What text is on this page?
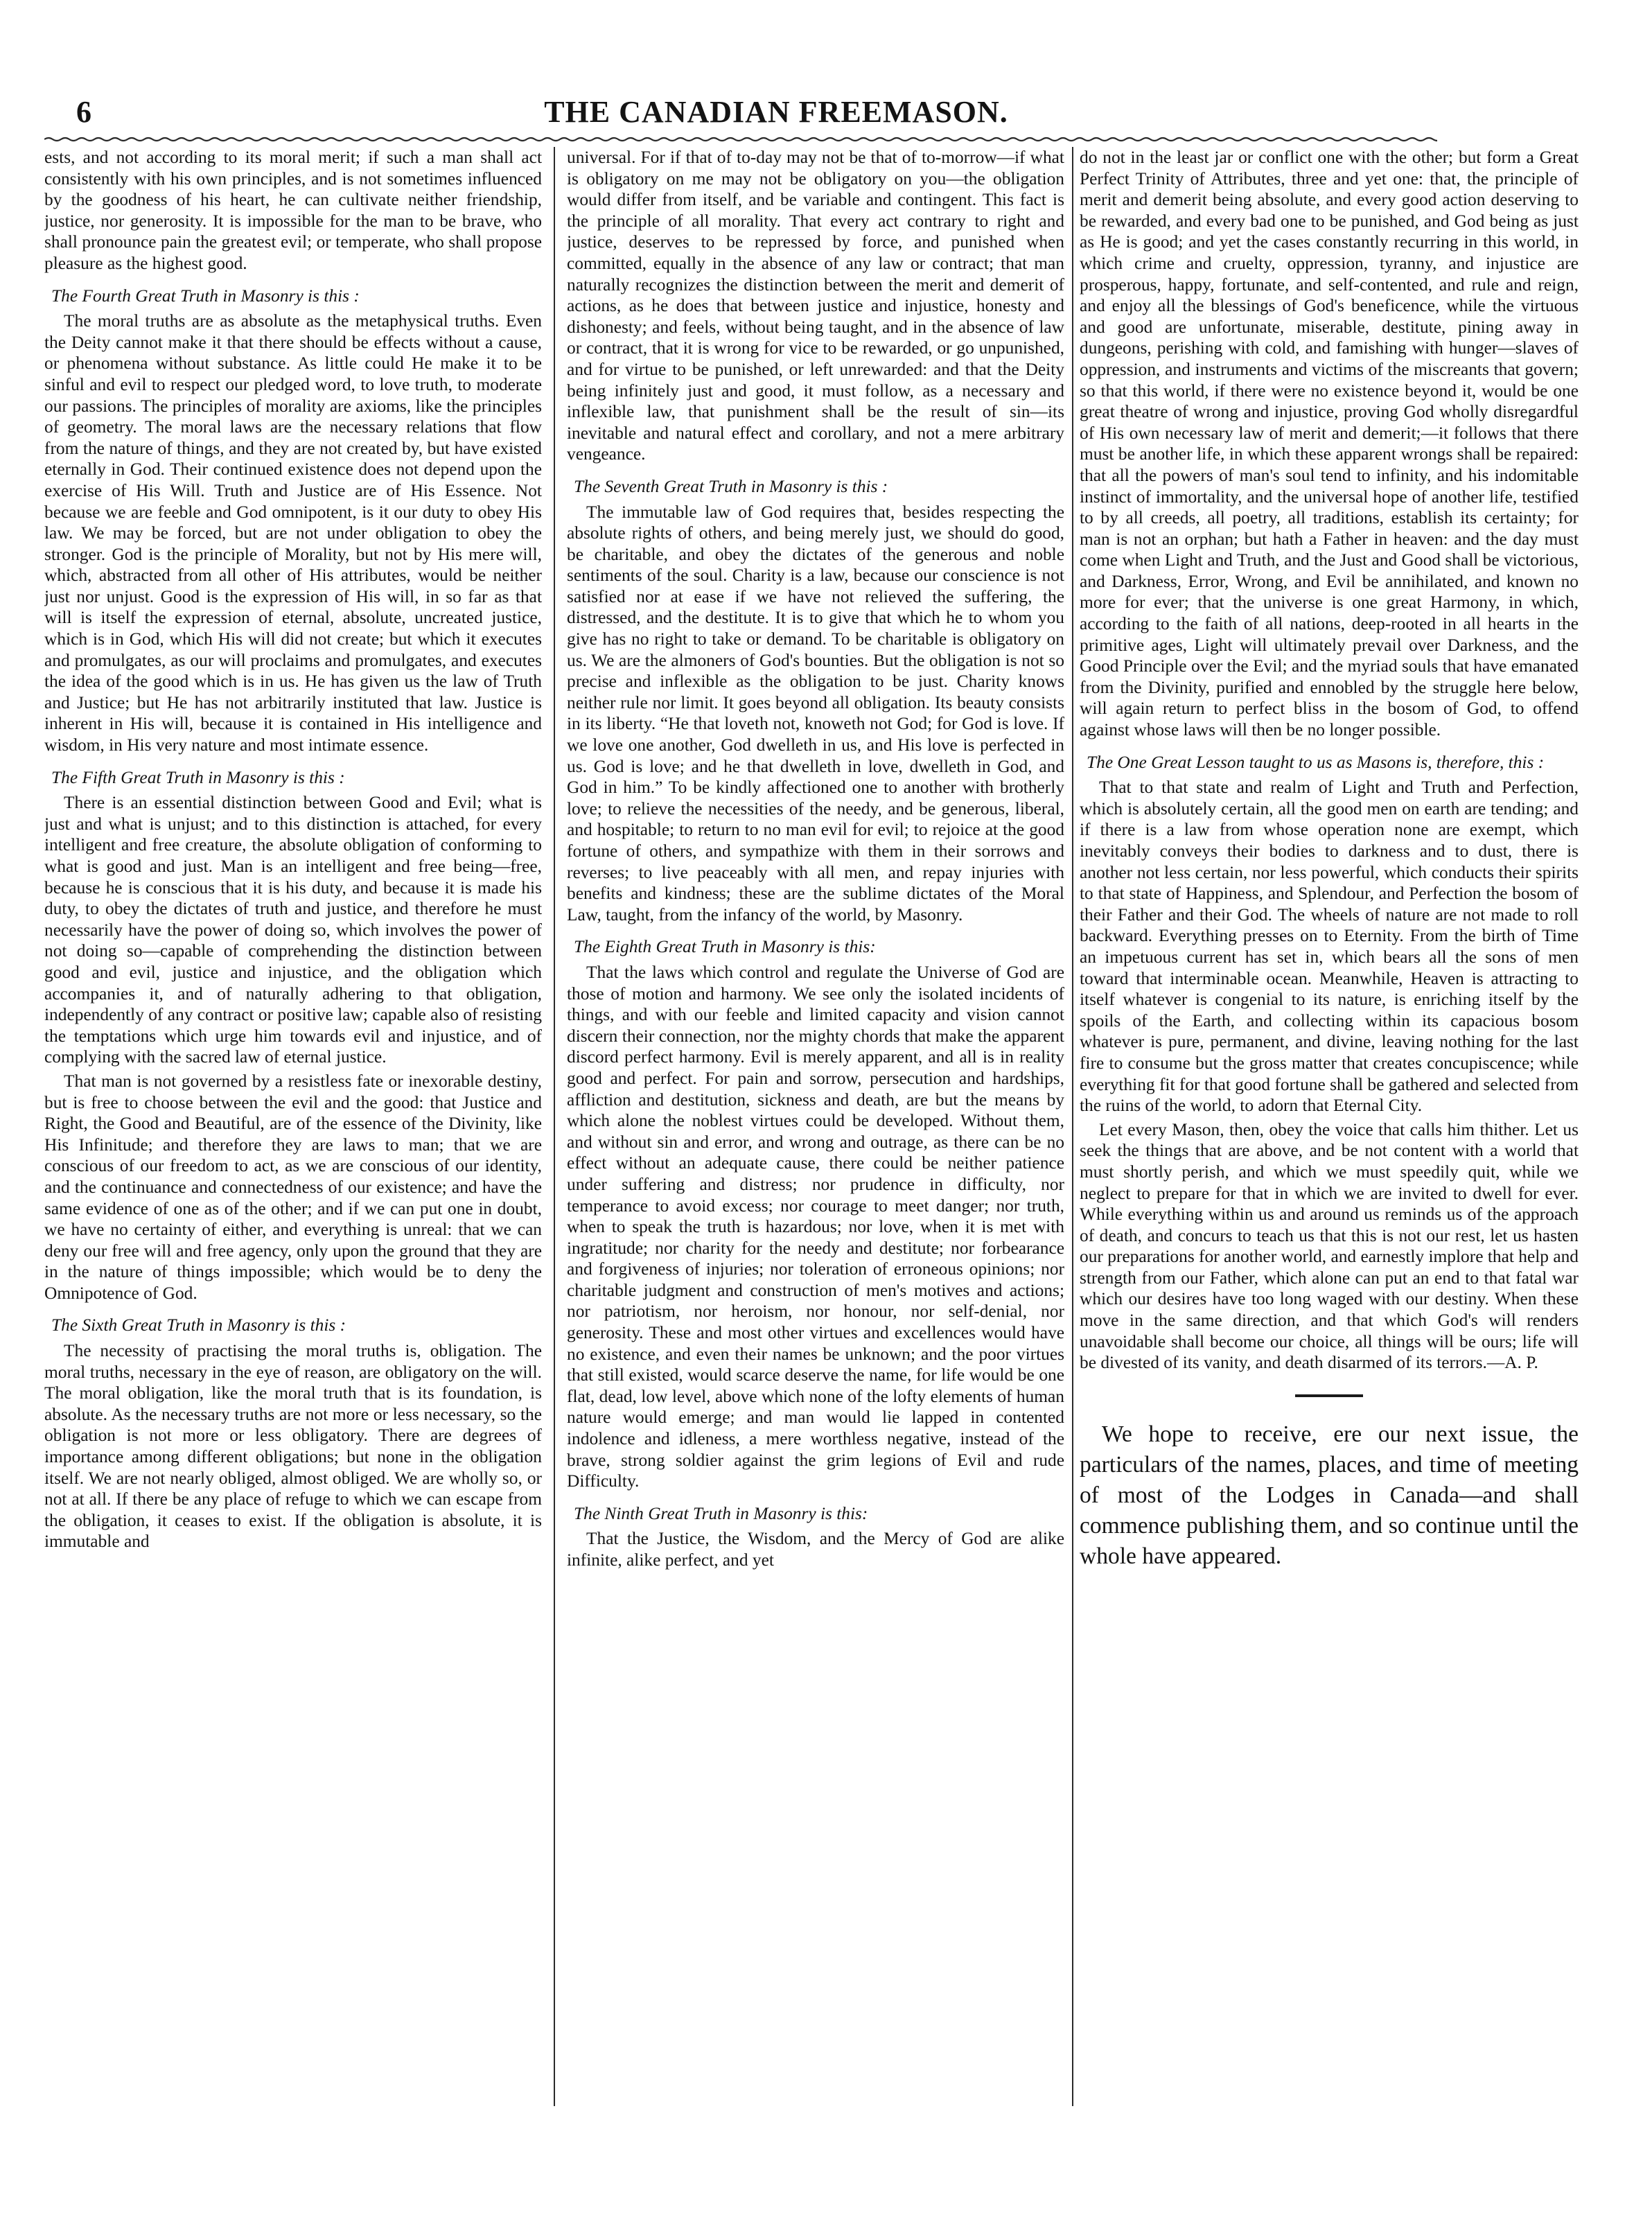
6	THE CANADIAN FREEMASON.

ests, and not according to its moral merit; if such a man shall act consistently with his own principles, and is not sometimes influenced by the goodness of his heart, he can cultivate neither friendship, justice, nor generosity. It is impossible for the man to be brave, who shall pronounce pain the greatest evil; or temperate, who shall propose pleasure as the highest good.

The Fourth Great Truth in Masonry is this :

The moral truths are as absolute as the metaphysical truths. Even the Deity cannot make it that there should be effects without a cause, or phenomena without substance. As little could He make it to be sinful and evil to respect our pledged word, to love truth, to moderate our passions. The principles of morality are axioms, like the principles of geometry. The moral laws are the necessary relations that flow from the nature of things, and they are not created by, but have existed eternally in God. Their continued existence does not depend upon the exercise of His Will. Truth and Justice are of His Essence. Not because we are feeble and God omnipotent, is it our duty to obey His law. We may be forced, but are not under obligation to obey the stronger. God is the principle of Morality, but not by His mere will, which, abstracted from all other of His attributes, would be neither just nor unjust. Good is the expression of His will, in so far as that will is itself the expression of eternal, absolute, uncreated justice, which is in God, which His will did not create; but which it executes and promulgates, as our will proclaims and promulgates, and executes the idea of the good which is in us. He has given us the law of Truth and Justice; but He has not arbitrarily instituted that law. Justice is inherent in His will, because it is contained in His intelligence and wisdom, in His very nature and most intimate essence.

The Fifth Great Truth in Masonry is this :

There is an essential distinction between Good and Evil; what is just and what is unjust; and to this distinction is attached, for every intelligent and free creature, the absolute obligation of conforming to what is good and just. Man is an intelligent and free being—free, because he is conscious that it is his duty, and because it is made his duty, to obey the dictates of truth and justice, and therefore he must necessarily have the power of doing so, which involves the power of not doing so—capable of comprehending the distinction between good and evil, justice and injustice, and the obligation which accompanies it, and of naturally adhering to that obligation, independently of any contract or positive law; capable also of resisting the temptations which urge him towards evil and injustice, and of complying with the sacred law of eternal justice.

That man is not governed by a resistless fate or inexorable destiny, but is free to choose between the evil and the good: that Justice and Right, the Good and Beautiful, are of the essence of the Divinity, like His Infinitude; and therefore they are laws to man; that we are conscious of our freedom to act, as we are conscious of our identity, and the continuance and connectedness of our existence; and have the same evidence of one as of the other; and if we can put one in doubt, we have no certainty of either, and everything is unreal: that we can deny our free will and free agency, only upon the ground that they are in the nature of things impossible; which would be to deny the Omnipotence of God.

The Sixth Great Truth in Masonry is this :

The necessity of practising the moral truths is, obligation. The moral truths, necessary in the eye of reason, are obligatory on the will. The moral obligation, like the moral truth that is its foundation, is absolute. As the necessary truths are not more or less necessary, so the obligation is not more or less obligatory. There are degrees of importance among different obligations; but none in the obligation itself. We are not nearly obliged, almost obliged. We are wholly so, or not at all. If there be any place of refuge to which we can escape from the obligation, it ceases to exist. If the obligation is absolute, it is immutable and

universal. For if that of to-day may not be that of to-morrow—if what is obligatory on me may not be obligatory on you—the obligation would differ from itself, and be variable and contingent. This fact is the principle of all morality. That every act contrary to right and justice, deserves to be repressed by force, and punished when committed, equally in the absence of any law or contract; that man naturally recognizes the distinction between the merit and demerit of actions, as he does that between justice and injustice, honesty and dishonesty; and feels, without being taught, and in the absence of law or contract, that it is wrong for vice to be rewarded, or go unpunished, and for virtue to be punished, or left unrewarded: and that the Deity being infinitely just and good, it must follow, as a necessary and inflexible law, that punishment shall be the result of sin—its inevitable and natural effect and corollary, and not a mere arbitrary vengeance.

The Seventh Great Truth in Masonry is this :

The immutable law of God requires that, besides respecting the absolute rights of others, and being merely just, we should do good, be charitable, and obey the dictates of the generous and noble sentiments of the soul. Charity is a law, because our conscience is not satisfied nor at ease if we have not relieved the suffering, the distressed, and the destitute. It is to give that which he to whom you give has no right to take or demand. To be charitable is obligatory on us. We are the almoners of God's bounties. But the obligation is not so precise and inflexible as the obligation to be just. Charity knows neither rule nor limit. It goes beyond all obligation. Its beauty consists in its liberty. “He that loveth not, knoweth not God; for God is love. If we love one another, God dwelleth in us, and His love is perfected in us. God is love; and he that dwelleth in love, dwelleth in God, and God in him.” To be kindly affectioned one to another with brotherly love; to relieve the necessities of the needy, and be generous, liberal, and hospitable; to return to no man evil for evil; to rejoice at the good fortune of others, and sympathize with them in their sorrows and reverses; to live peaceably with all men, and repay injuries with benefits and kindness; these are the sublime dictates of the Moral Law, taught, from the infancy of the world, by Masonry.

The Eighth Great Truth in Masonry is this:

That the laws which control and regulate the Universe of God are those of motion and harmony. We see only the isolated incidents of things, and with our feeble and limited capacity and vision cannot discern their connection, nor the mighty chords that make the apparent discord perfect harmony. Evil is merely apparent, and all is in reality good and perfect. For pain and sorrow, persecution and hardships, affliction and destitution, sickness and death, are but the means by which alone the noblest virtues could be developed. Without them, and without sin and error, and wrong and outrage, as there can be no effect without an adequate cause, there could be neither patience under suffering and distress; nor prudence in difficulty, nor temperance to avoid excess; nor courage to meet danger; nor truth, when to speak the truth is hazardous; nor love, when it is met with ingratitude; nor charity for the needy and destitute; nor forbearance and forgiveness of injuries; nor toleration of erroneous opinions; nor charitable judgment and construction of men's motives and actions; nor patriotism, nor heroism, nor honour, nor self-denial, nor generosity. These and most other virtues and excellences would have no existence, and even their names be unknown; and the poor virtues that still existed, would scarce deserve the name, for life would be one flat, dead, low level, above which none of the lofty elements of human nature would emerge; and man would lie lapped in contented indolence and idleness, a mere worthless negative, instead of the brave, strong soldier against the grim legions of Evil and rude Difficulty.

The Ninth Great Truth in Masonry is this:

That the Justice, the Wisdom, and the Mercy of God are alike infinite, alike perfect, and yet

do not in the least jar or conflict one with the other; but form a Great Perfect Trinity of Attributes, three and yet one: that, the principle of merit and demerit being absolute, and every good action deserving to be rewarded, and every bad one to be punished, and God being as just as He is good; and yet the cases constantly recurring in this world, in which crime and cruelty, oppression, tyranny, and injustice are prosperous, happy, fortunate, and self-contented, and rule and reign, and enjoy all the blessings of God's beneficence, while the virtuous and good are unfortunate, miserable, destitute, pining away in dungeons, perishing with cold, and famishing with hunger—slaves of oppression, and instruments and victims of the miscreants that govern; so that this world, if there were no existence beyond it, would be one great theatre of wrong and injustice, proving God wholly disregardful of His own necessary law of merit and demerit;—it follows that there must be another life, in which these apparent wrongs shall be repaired: that all the powers of man's soul tend to infinity, and his indomitable instinct of immortality, and the universal hope of another life, testified to by all creeds, all poetry, all traditions, establish its certainty; for man is not an orphan; but hath a Father in heaven: and the day must come when Light and Truth, and the Just and Good shall be victorious, and Darkness, Error, Wrong, and Evil be annihilated, and known no more for ever; that the universe is one great Harmony, in which, according to the faith of all nations, deep-rooted in all hearts in the primitive ages, Light will ultimately prevail over Darkness, and the Good Principle over the Evil; and the myriad souls that have emanated from the Divinity, purified and ennobled by the struggle here below, will again return to perfect bliss in the bosom of God, to offend against whose laws will then be no longer possible.

The One Great Lesson taught to us as Masons is, therefore, this :

That to that state and realm of Light and Truth and Perfection, which is absolutely certain, all the good men on earth are tending; and if there is a law from whose operation none are exempt, which inevitably conveys their bodies to darkness and to dust, there is another not less certain, nor less powerful, which conducts their spirits to that state of Happiness, and Splendour, and Perfection the bosom of their Father and their God. The wheels of nature are not made to roll backward. Everything presses on to Eternity. From the birth of Time an impetuous current has set in, which bears all the sons of men toward that interminable ocean. Meanwhile, Heaven is attracting to itself whatever is congenial to its nature, is enriching itself by the spoils of the Earth, and collecting within its capacious bosom whatever is pure, permanent, and divine, leaving nothing for the last fire to consume but the gross matter that creates concupiscence; while everything fit for that good fortune shall be gathered and selected from the ruins of the world, to adorn that Eternal City.

Let every Mason, then, obey the voice that calls him thither. Let us seek the things that are above, and be not content with a world that must shortly perish, and which we must speedily quit, while we neglect to prepare for that in which we are invited to dwell for ever. While everything within us and around us reminds us of the approach of death, and concurs to teach us that this is not our rest, let us hasten our preparations for another world, and earnestly implore that help and strength from our Father, which alone can put an end to that fatal war which our desires have too long waged with our destiny. When these move in the same direction, and that which God's will renders unavoidable shall become our choice, all things will be ours; life will be divested of its vanity, and death disarmed of its terrors.—A. P.

We hope to receive, ere our next issue, the particulars of the names, places, and time of meeting of most of the Lodges in Canada—and shall commence publishing them, and so continue until the whole have appeared.
